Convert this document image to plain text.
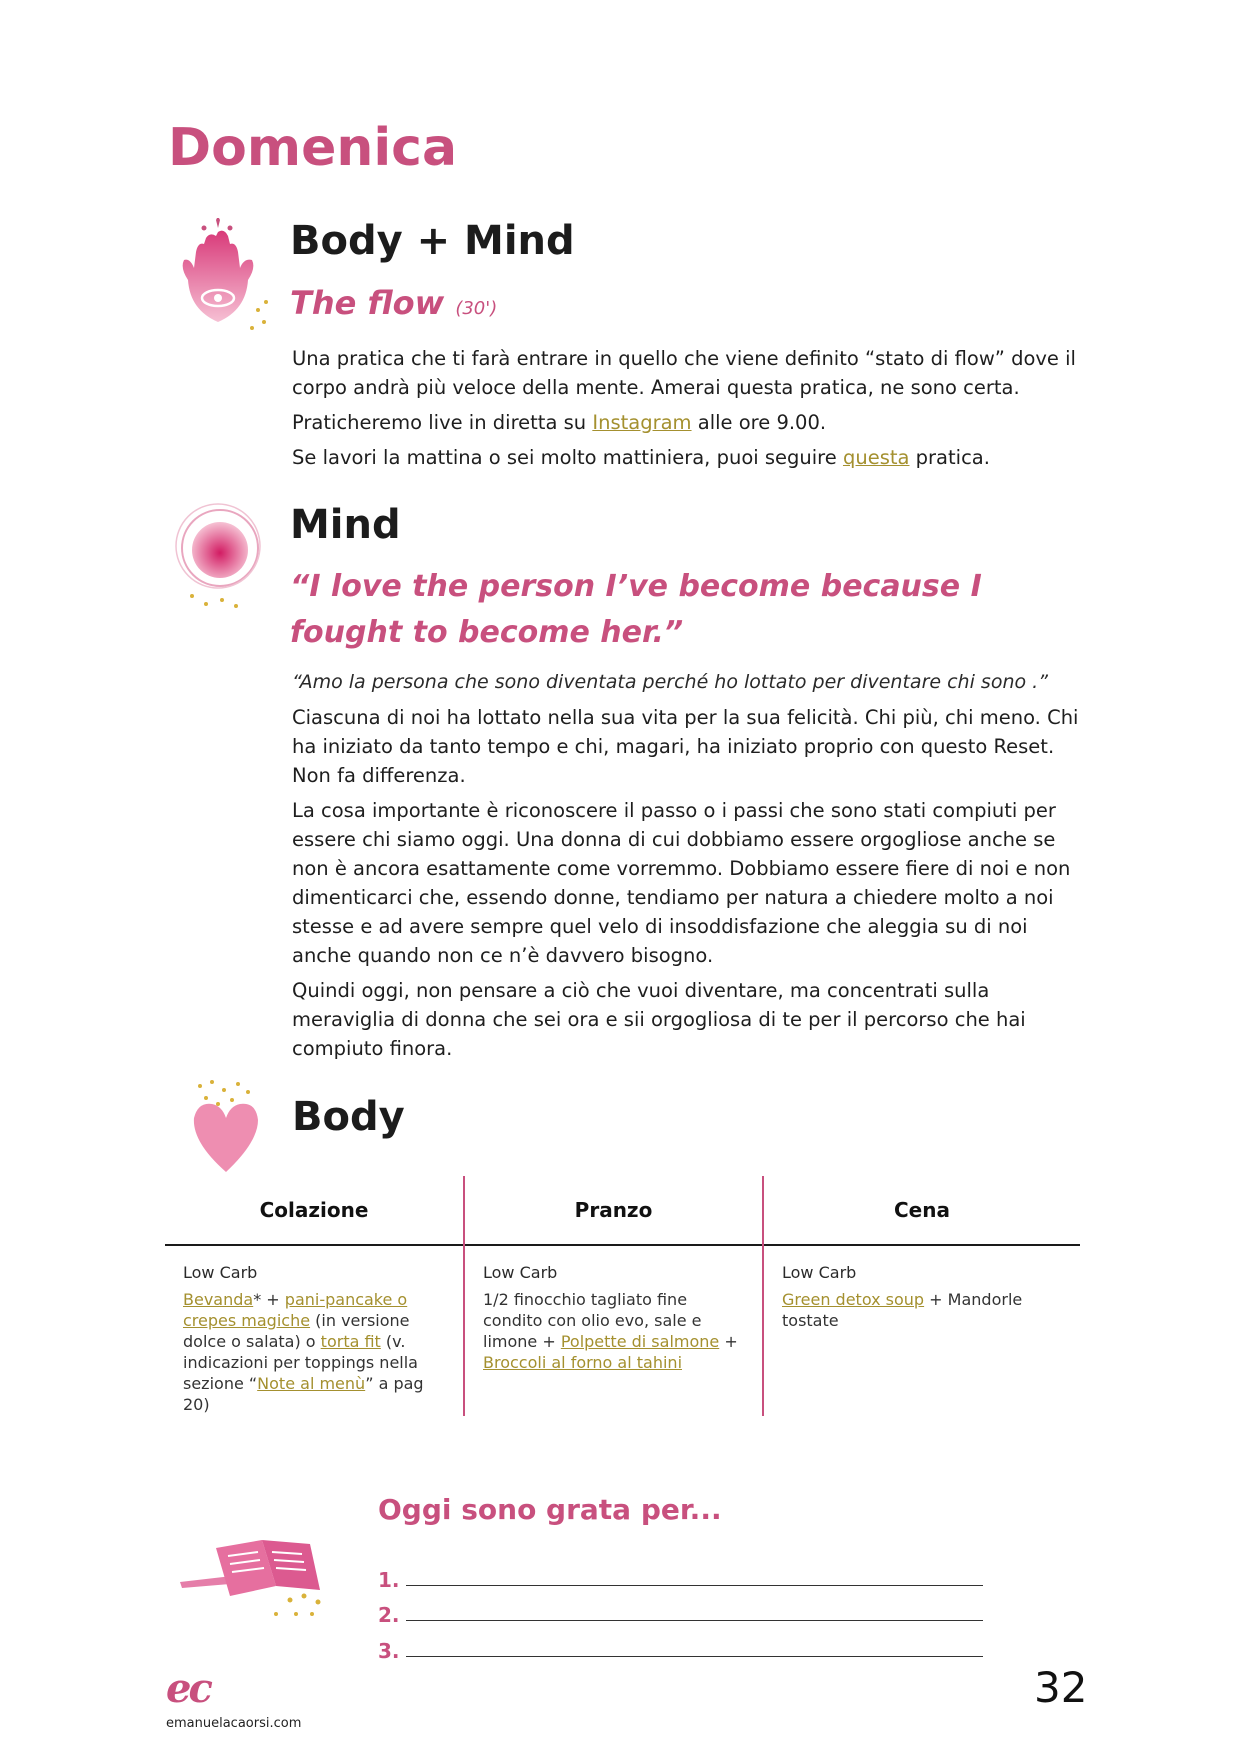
Domenica
Body + Mind
The flow (30')

Una pratica che ti farà entrare in quello che viene definito “stato di flow” dove il corpo andrà più veloce della mente. Amerai questa pratica, ne sono certa.

Praticheremo live in diretta su Instagram alle ore 9.00.

Se lavori la mattina o sei molto mattiniera, puoi seguire questa pratica.

Mind

“I love the person I’ve become because I fought to become her.”

“Amo la persona che sono diventata perché ho lottato per diventare chi sono .”

Ciascuna di noi ha lottato nella sua vita per la sua felicità. Chi più, chi meno. Chi ha iniziato da tanto tempo e chi, magari, ha iniziato proprio con questo Reset. Non fa differenza.

La cosa importante è riconoscere il passo o i passi che sono stati compiuti per essere chi siamo oggi. Una donna di cui dobbiamo essere orgogliose anche se non è ancora esattamente come vorremmo. Dobbiamo essere fiere di noi e non dimenticarci che, essendo donne, tendiamo per natura a chiedere molto a noi stesse e ad avere sempre quel velo di insoddisfazione che aleggia su di noi anche quando non ce n’è davvero bisogno.

Quindi oggi, non pensare a ciò che vuoi diventare, ma concentrati sulla meraviglia di donna che sei ora e sii orgogliosa di te per il percorso che hai compiuto finora.

Body
Colazione
Low Carb
Bevanda* + pani-pancake o crepes magiche (in versione dolce o salata) o torta fit (v. indicazioni per toppings nella sezione “Note al menù” a pag 20)
Pranzo
Low Carb
1/2 finocchio tagliato fine condito con olio evo, sale e limone + Polpette di salmone + Broccoli al forno al tahini
Cena
Low Carb
Green detox soup + Mandorle tostate
Oggi sono grata per...
1.
2.
3.
ec
emanuelacaorsi.com
32
